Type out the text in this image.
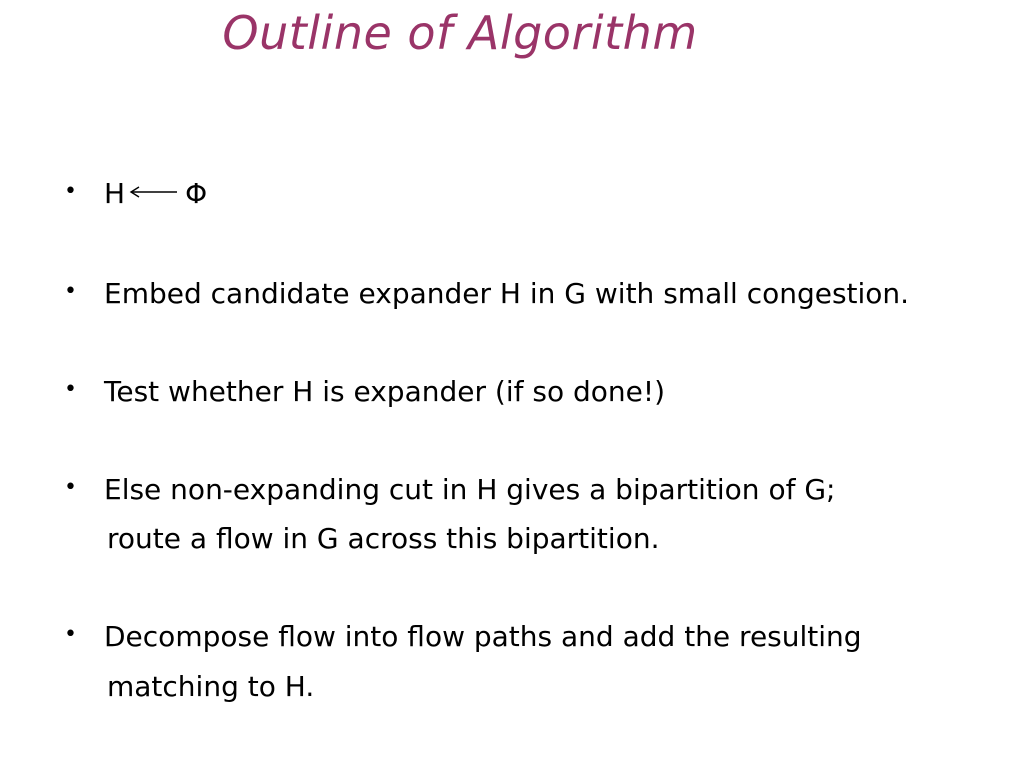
Outline of Algorithm
• H Φ
• Embed candidate expander H in G with small congestion.
• Test whether H is expander (if so done!)
• Else non-expanding cut in H gives a bipartition of G;
route a flow in G across this bipartition.
• Decompose flow into flow paths and add the resulting
matching to H.
